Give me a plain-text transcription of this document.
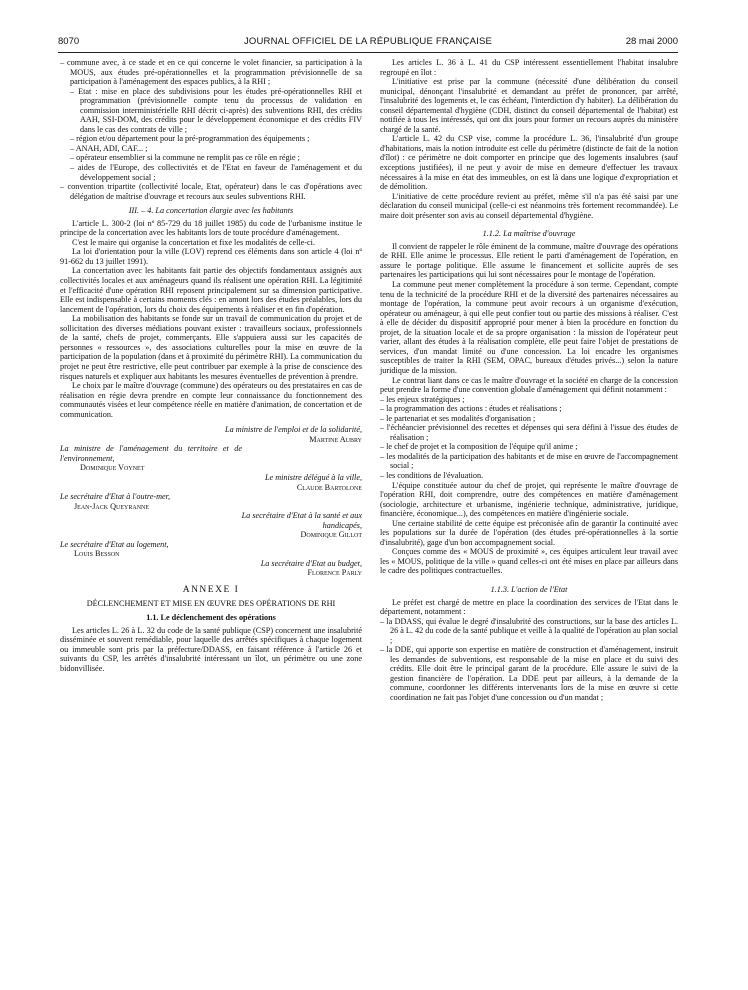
8070	JOURNAL OFFICIEL DE LA RÉPUBLIQUE FRANÇAISE	28 mai 2000

– commune avec, à ce stade et en ce qui concerne le volet financier, sa participation à la MOUS, aux études pré-opérationnelles et la programmation prévisionnelle de sa participation à l'aménagement des espaces publics, à la RHI ;

– Etat : mise en place des subdivisions pour les études pré-opérationnelles RHI et programmation (prévisionnelle compte tenu du processus de validation en commission interministérielle RHI décrit ci-après) des subventions RHI, des crédits AAH, SSI-DOM, des crédits pour le développement économique et des crédits FIV dans le cas des contrats de ville ;

– région et/ou département pour la pré-programmation des équipements ;

– ANAH, ADI, CAF... ;

– opérateur ensemblier si la commune ne remplit pas ce rôle en régie ;

– aides de l'Europe, des collectivités et de l'Etat en faveur de l'aménagement et du développement social ;

– convention tripartite (collectivité locale, Etat, opérateur) dans le cas d'opérations avec délégation de maîtrise d'ouvrage et recours aux seules subventions RHI.

III. – 4. La concertation élargie avec les habitants

L'article L. 300-2 (loi nº 85-729 du 18 juillet 1985) du code de l'urbanisme institue le principe de la concertation avec les habitants lors de toute procédure d'aménagement.

C'est le maire qui organise la concertation et fixe les modalités de celle-ci.

La loi d'orientation pour la ville (LOV) reprend ces éléments dans son article 4 (loi nº 91-662 du 13 juillet 1991).

La concertation avec les habitants fait partie des objectifs fondamentaux assignés aux collectivités locales et aux aménageurs quand ils réalisent une opération RHI. La légitimité et l'efficacité d'une opération RHI reposent principalement sur sa dimension participative. Elle est indispensable à certains moments clés : en amont lors des études préalables, lors du lancement de l'opération, lors du choix des équipements à réaliser et en fin d'opération.

La mobilisation des habitants se fonde sur un travail de communication du projet et de sollicitation des diverses médiations pouvant exister : travailleurs sociaux, professionnels de la santé, chefs de projet, commerçants. Elle s'appuiera aussi sur les capacités de personnes « ressources », des associations culturelles pour la mise en œuvre de la participation de la population (dans et à proximité du périmètre RHI). La communication du projet ne peut être restrictive, elle peut contribuer par exemple à la prise de conscience des risques naturels et expliquer aux habitants les mesures éventuelles de prévention à prendre.

Le choix par le maître d'ouvrage (commune) des opérateurs ou des prestataires en cas de réalisation en régie devra prendre en compte leur connaissance du fonctionnement des communautés visées et leur compétence réelle en matière d'animation, de concertation et de communication.

La ministre de l'emploi et de la solidarité,
Martine Aubry
La ministre de l'aménagement du territoire et de l'environnement,
Dominique Voynet
Le ministre délégué à la ville,
Claude Bartolone
Le secrétaire d'Etat à l'outre-mer,
Jean-Jack Queyranne
La secrétaire d'Etat à la santé et aux handicapés,
Dominique Gillot
Le secrétaire d'Etat au logement,
Louis Besson
La secrétaire d'Etat au budget,
Florence Parly

ANNEXE I

DÉCLENCHEMENT ET MISE EN ŒUVRE DES OPÉRATIONS DE RHI

1.1. Le déclenchement des opérations

Les articles L. 26 à L. 32 du code de la santé publique (CSP) concernent une insalubrité disséminée et souvent remédiable, pour laquelle des arrêtés spécifiques à chaque logement ou immeuble sont pris par la préfecture/DDASS, en faisant référence à l'article 26 et suivants du CSP, les arrêtés d'insalubrité intéressant un îlot, un périmètre ou une zone bidonvillisée.

Les articles L. 36 à L. 41 du CSP intéressent essentiellement l'habitat insalubre regroupé en îlot :

L'initiative est prise par la commune (nécessité d'une délibération du conseil municipal, dénonçant l'insalubrité et demandant au préfet de prononcer, par arrêté, l'insalubrité des logements et, le cas échéant, l'interdiction d'y habiter). La délibération du conseil départemental d'hygiène (CDH, distinct du conseil départemental de l'habitat) est notifiée à tous les intéressés, qui ont dix jours pour former un recours auprès du ministère chargé de la santé.

L'article L. 42 du CSP vise, comme la procédure L. 36, l'insalubrité d'un groupe d'habitations, mais la notion introduite est celle du périmètre (distincte de fait de la notion d'îlot) : ce périmètre ne doit comporter en principe que des logements insalubres (sauf exceptions justifiées), il ne peut y avoir de mise en demeure d'effectuer les travaux nécessaires à la mise en état des immeubles, on est là dans une logique d'expropriation et de démolition.

L'initiative de cette procédure revient au préfet, même s'il n'a pas été saisi par une déclaration du conseil municipal (celle-ci est néanmoins très fortement recommandée). Le maire doit présenter son avis au conseil départemental d'hygiène.

1.1.2. La maîtrise d'ouvrage

Il convient de rappeler le rôle éminent de la commune, maître d'ouvrage des opérations de RHI. Elle anime le processus. Elle retient le parti d'aménagement de l'opération, en assure le portage politique. Elle assume le financement et sollicite auprès de ses partenaires les participations qui lui sont nécessaires pour le montage de l'opération.

La commune peut mener complètement la procédure à son terme. Cependant, compte tenu de la technicité de la procédure RHI et de la diversité des partenaires nécessaires au montage de l'opération, la commune peut avoir recours à un organisme d'exécution, opérateur ou aménageur, à qui elle peut confier tout ou partie des missions à réaliser. C'est à elle de décider du dispositif approprié pour mener à bien la procédure en fonction du projet, de la situation locale et de sa propre organisation : la mission de l'opérateur peut varier, allant des études à la réalisation complète, elle peut faire l'objet de prestations de services, d'un mandat limité ou d'une concession. La loi encadre les organismes susceptibles de traiter la RHI (SEM, OPAC, bureaux d'études privés...) selon la nature juridique de la mission.

Le contrat liant dans ce cas le maître d'ouvrage et la société en charge de la concession peut prendre la forme d'une convention globale d'aménagement qui définit notamment :

– les enjeux stratégiques ;

– la programmation des actions : études et réalisations ;

– le partenariat et ses modalités d'organisation ;

– l'échéancier prévisionnel des recettes et dépenses qui sera défini à l'issue des études de réalisation ;

– le chef de projet et la composition de l'équipe qu'il anime ;

– les modalités de la participation des habitants et de mise en œuvre de l'accompagnement social ;

– les conditions de l'évaluation.

L'équipe constituée autour du chef de projet, qui représente le maître d'ouvrage de l'opération RHI, doit comprendre, outre des compétences en matière d'aménagement (sociologie, architecture et urbanisme, ingénierie technique, administrative, juridique, financière, économique...), des compétences en matière d'ingénierie sociale.

Une certaine stabilité de cette équipe est préconisée afin de garantir la continuité avec les populations sur la durée de l'opération (des études pré-opérationnelles à la sortie d'insalubrité), gage d'un bon accompagnement social.

Conçues comme des « MOUS de proximité », ces équipes articulent leur travail avec les « MOUS, politique de la ville » quand celles-ci ont été mises en place par ailleurs dans le cadre des politiques contractuelles.

1.1.3. L'action de l'Etat

Le préfet est chargé de mettre en place la coordination des services de l'Etat dans le département, notamment :

– la DDASS, qui évalue le degré d'insalubrité des constructions, sur la base des articles L. 26 à L. 42 du code de la santé publique et veille à la qualité de l'opération au plan social ;

– la DDE, qui apporte son expertise en matière de construction et d'aménagement, instruit les demandes de subventions, est responsable de la mise en place et du suivi des crédits. Elle doit être le principal garant de la procédure. Elle assure le suivi de la gestion financière de l'opération. La DDE peut par ailleurs, à la demande de la commune, coordonner les différents intervenants lors de la mise en œuvre si cette coordination ne fait pas l'objet d'une concession ou d'un mandat ;
